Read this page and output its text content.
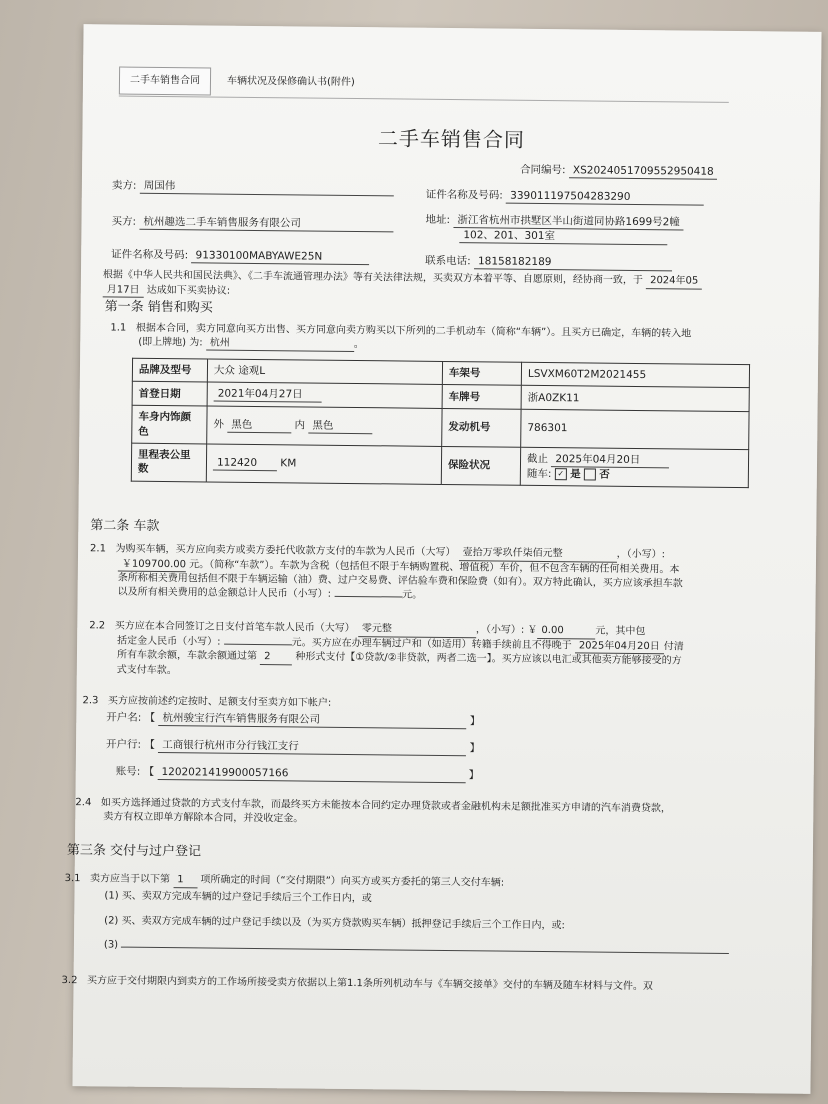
二手车销售合同	车辆状况及保修确认书(附件)
二手车销售合同
合同编号: XS2024051709552950418
卖方: 周国伟
证件名称及号码: 339011197504283290
买方: 杭州趣选二手车销售服务有限公司	地址: 浙江省杭州市拱墅区半山街道同协路1699号2幢
102、201、301室
证件名称及号码: 91330100MABYAWE25N	联系电话: 18158182189
根据《中华人民共和国民法典》、《二手车流通管理办法》等有关法律法规，买卖双方本着平等、自愿原则，经协商一致，于 2024年05
月17日 达成如下买卖协议:
第一条 销售和购买
1.1 根据本合同，卖方同意向买方出售、买方同意向卖方购买以下所列的二手机动车（简称“车辆”）。且买方已确定，车辆的转入地
(即上牌地) 为: 杭州	。
品牌及型号	大众 途观L	车架号	LSVXM60T2M2021455
首登日期	2021年04月27日	车牌号	浙A0ZK11
车身内饰颜色	外 黑色 内 黑色	发动机号	786301
里程表公里数	112420 KM	保险状况	截止 2025年04月20日
随车: ✓ 是 否
第二条 车款
2.1 为购买车辆，买方应向卖方或卖方委托代收款方支付的车款为人民币（大写） 壹拾万零玖仟柒佰元整	，（小写）:
￥109700.00 元。（简称“车款”）。车款为含税（包括但不限于车辆购置税、增值税）车价，但不包含车辆的任何相关费用。本
条所称相关费用包括但不限于车辆运输（油）费、过户交易费、评估验车费和保险费（如有）。双方特此确认，买方应该承担车款
以及所有相关费用的总金额总计人民币（小写）:	元。
2.2 买方应在本合同签订之日支付首笔车款人民币（大写） 零元整	，（小写）: ￥ 0.00	元，其中包
括定金人民币（小写）:	元。买方应在办理车辆过户和（如适用）转籍手续前且不得晚于 2025年04月20日 付清
所有车款余额，车款余额通过第 2 种形式支付【①贷款/②非贷款，两者二选一】。买方应该以电汇或其他卖方能够接受的方
式支付车款。
2.3 买方应按前述约定按时、足额支付至卖方如下帐户:
开户名: 【 杭州骏宝行汽车销售服务有限公司	】
开户行: 【 工商银行杭州市分行钱江支行	】
账号: 【 1202021419900057166	】
2.4 如买方选择通过贷款的方式支付车款，而最终买方未能按本合同约定办理贷款或者金融机构未足额批准买方申请的汽车消费贷款，
卖方有权立即单方解除本合同，并没收定金。
第三条 交付与过户登记
3.1 卖方应当于以下第 1 项所确定的时间（“交付期限”）向买方或买方委托的第三人交付车辆:
(1) 买、卖双方完成车辆的过户登记手续后三个工作日内，或
(2) 买、卖双方完成车辆的过户登记手续以及（为买方贷款购买车辆）抵押登记手续后三个工作日内，或:
(3)
3.2 买方应于交付期限内到卖方的工作场所接受卖方依据以上第1.1条所列机动车与《车辆交接单》交付的车辆及随车材料与文件。双
